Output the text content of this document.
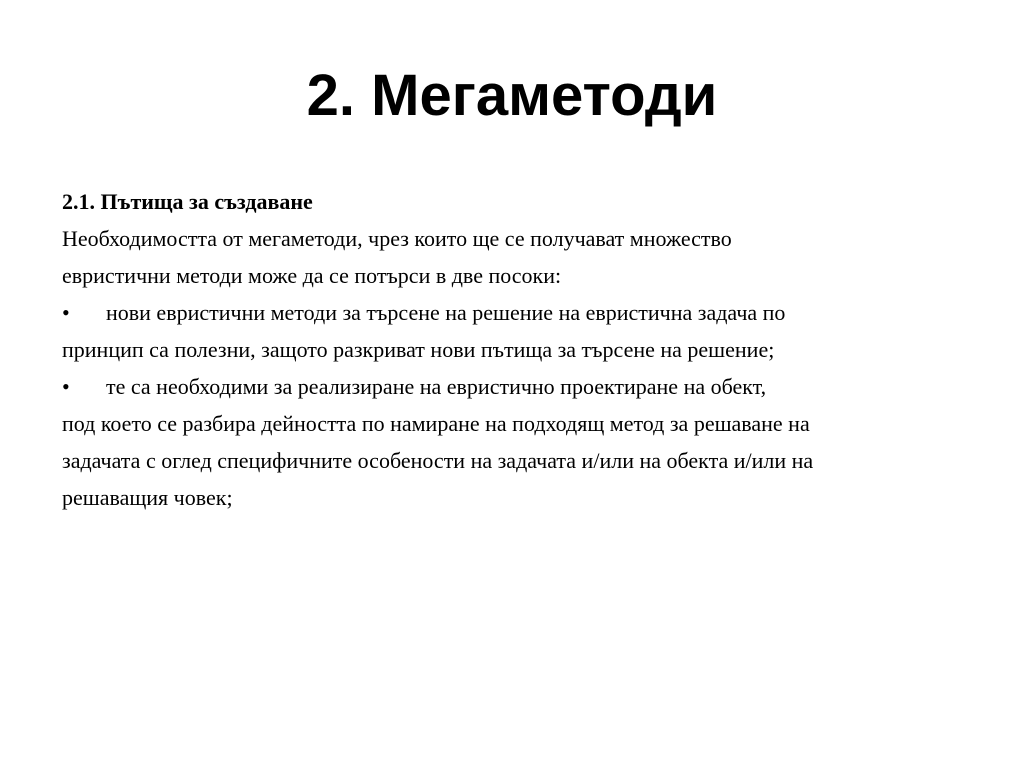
2. Мегаметоди
2.1. Пътища за създаване
Необходимостта от мегаметоди, чрез които ще се получават множество
евристични методи може да се потърси в две посоки:
• нови евристични методи за търсене на решение на евристична задача по
принцип са полезни, защото разкриват нови пътища за търсене на решение;
• те са необходими за реализиране на евристично проектиране на обект,
под което се разбира дейността по намиране на подходящ метод за решаване на
задачата с оглед специфичните особености на задачата и/или на обекта и/или на
решаващия човек;
